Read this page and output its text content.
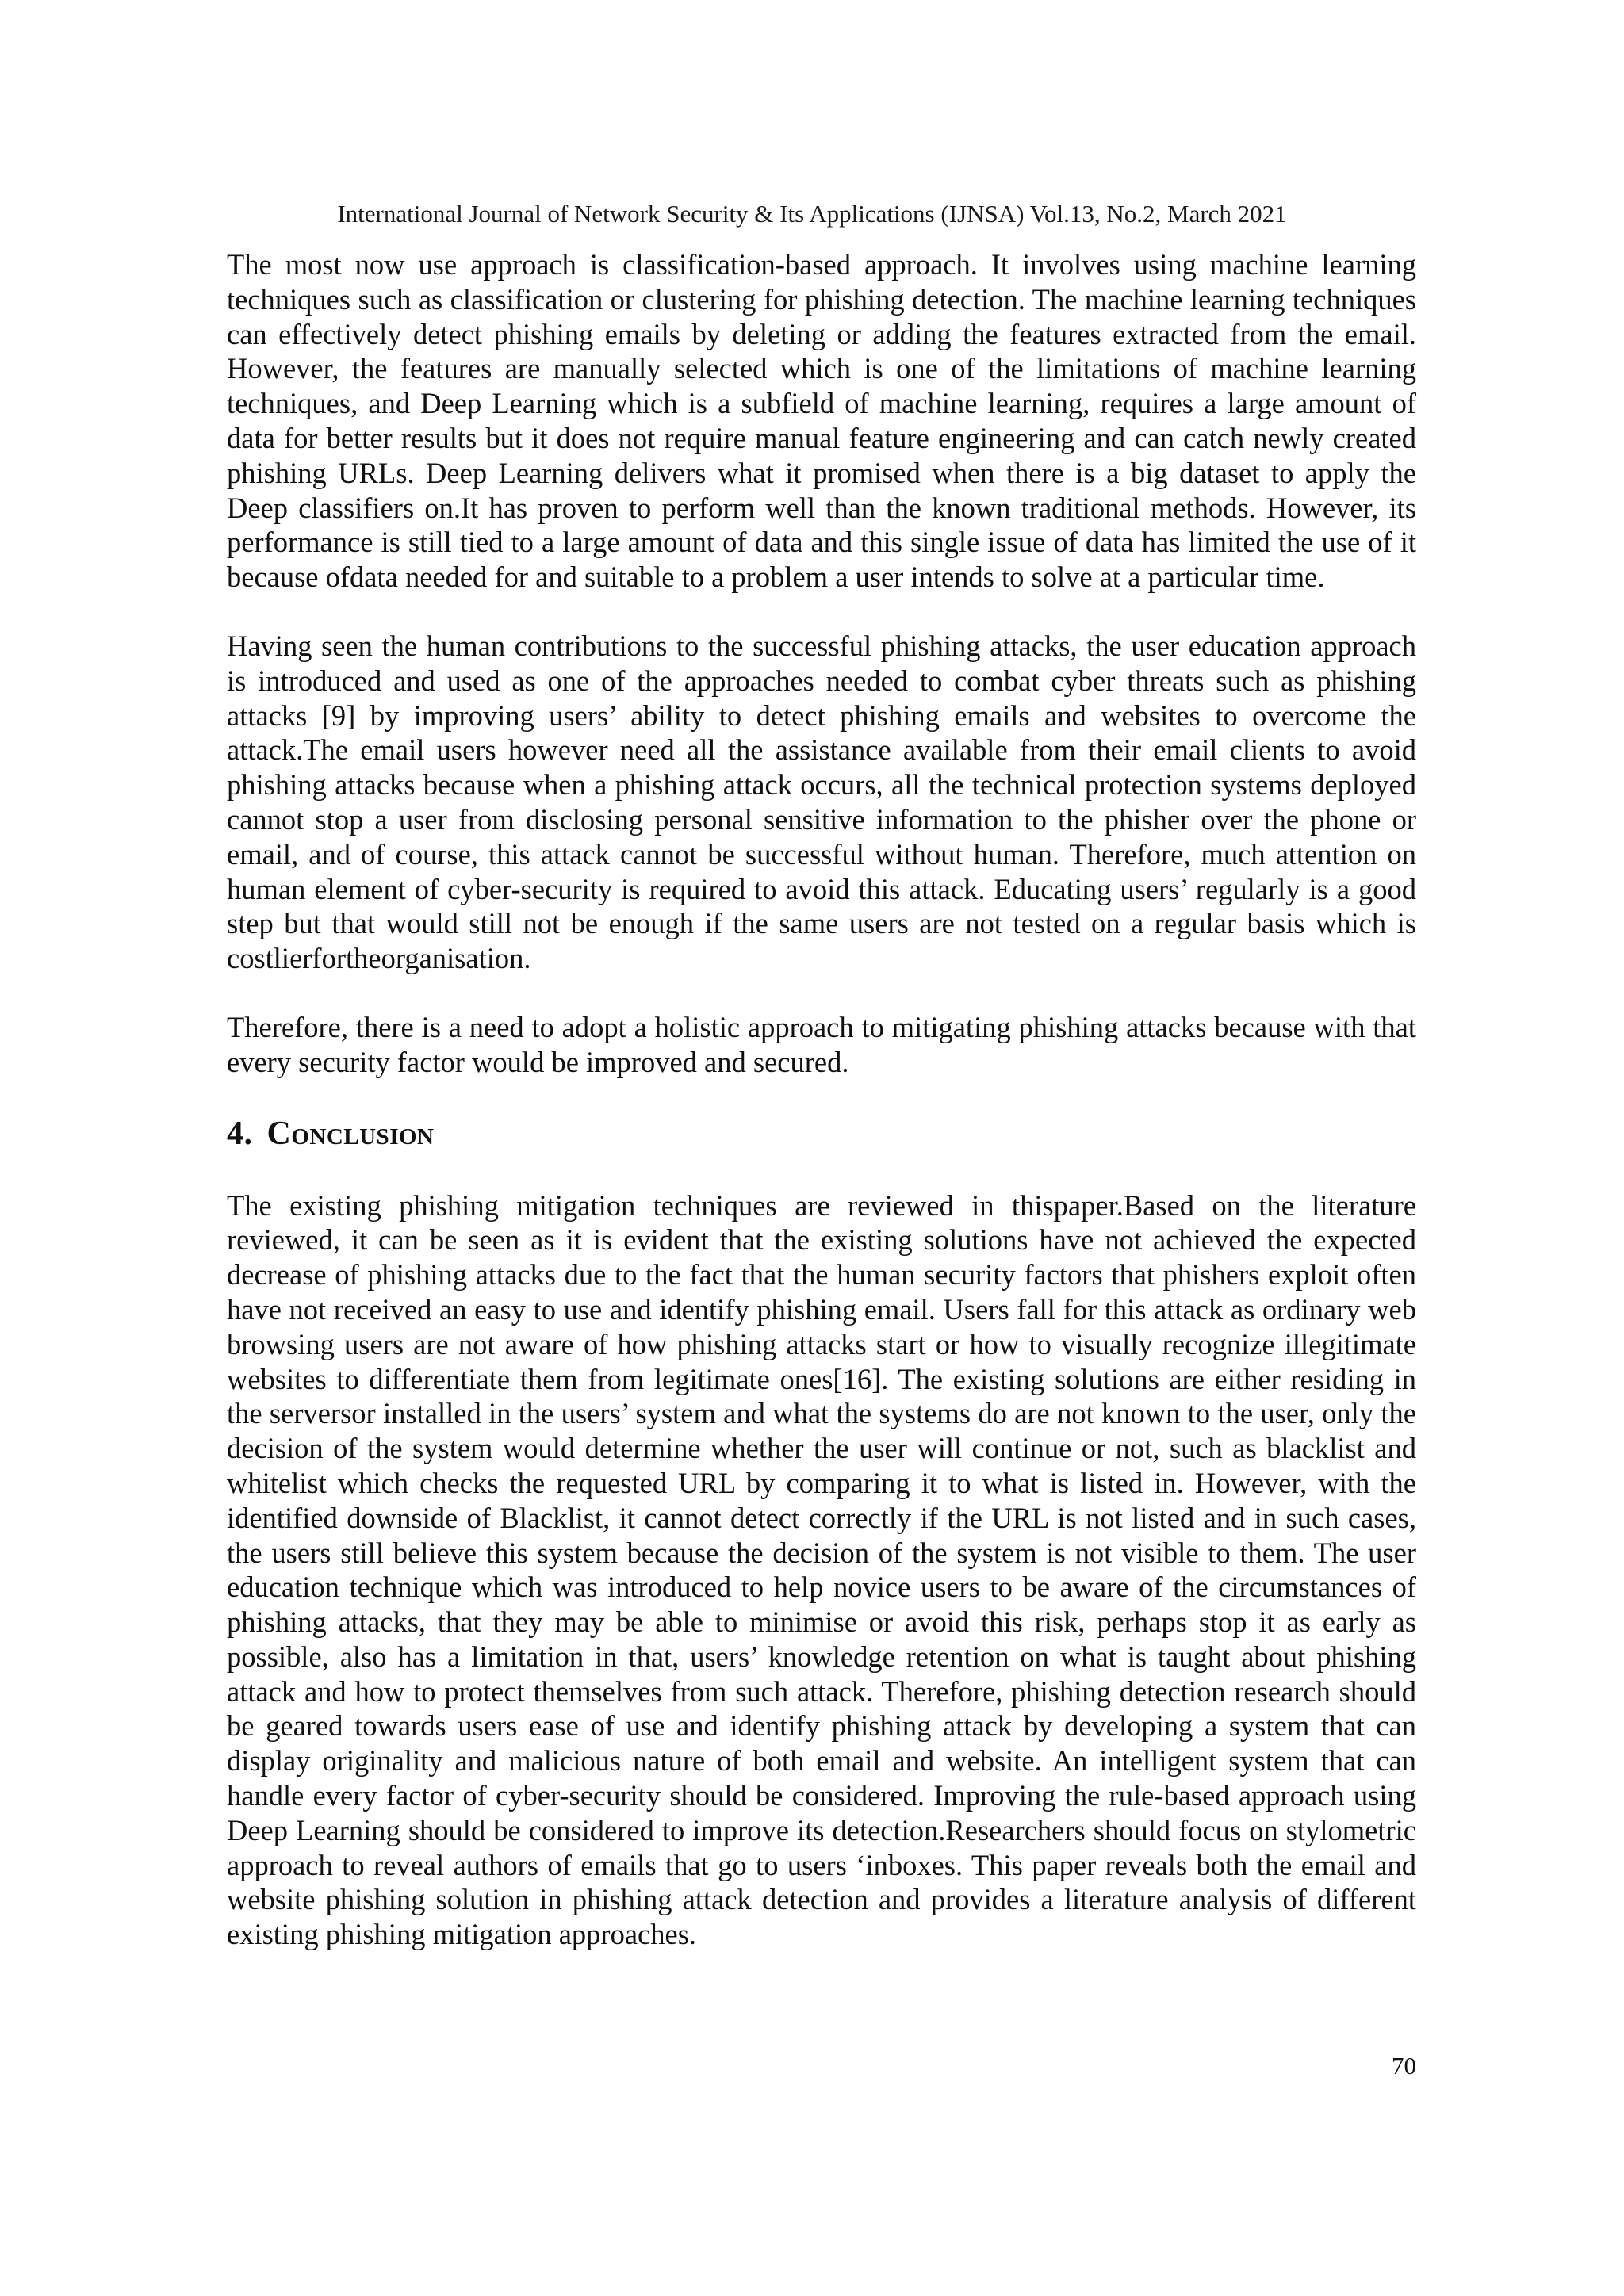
International Journal of Network Security & Its Applications (IJNSA) Vol.13, No.2, March 2021

The most now use approach is classification-based approach. It involves using machine learning techniques such as classification or clustering for phishing detection. The machine learning techniques can effectively detect phishing emails by deleting or adding the features extracted from the email. However, the features are manually selected which is one of the limitations of machine learning techniques, and Deep Learning which is a subfield of machine learning, requires a large amount of data for better results but it does not require manual feature engineering and can catch newly created phishing URLs. Deep Learning delivers what it promised when there is a big dataset to apply the Deep classifiers on.It has proven to perform well than the known traditional methods. However, its performance is still tied to a large amount of data and this single issue of data has limited the use of it because ofdata needed for and suitable to a problem a user intends to solve at a particular time.

Having seen the human contributions to the successful phishing attacks, the user education approach is introduced and used as one of the approaches needed to combat cyber threats such as phishing attacks [9] by improving users’ ability to detect phishing emails and websites to overcome the attack.The email users however need all the assistance available from their email clients to avoid phishing attacks because when a phishing attack occurs, all the technical protection systems deployed cannot stop a user from disclosing personal sensitive information to the phisher over the phone or email, and of course, this attack cannot be successful without human. Therefore, much attention on human element of cyber-security is required to avoid this attack. Educating users’ regularly is a good step but that would still not be enough if the same users are not tested on a regular basis which is costlierfortheorganisation.

Therefore, there is a need to adopt a holistic approach to mitigating phishing attacks because with that every security factor would be improved and secured.

4. Conclusion

The existing phishing mitigation techniques are reviewed in thispaper.Based on the literature reviewed, it can be seen as it is evident that the existing solutions have not achieved the expected decrease of phishing attacks due to the fact that the human security factors that phishers exploit often have not received an easy to use and identify phishing email. Users fall for this attack as ordinary web browsing users are not aware of how phishing attacks start or how to visually recognize illegitimate websites to differentiate them from legitimate ones[16]. The existing solutions are either residing in the serversor installed in the users’ system and what the systems do are not known to the user, only the decision of the system would determine whether the user will continue or not, such as blacklist and whitelist which checks the requested URL by comparing it to what is listed in. However, with the identified downside of Blacklist, it cannot detect correctly if the URL is not listed and in such cases, the users still believe this system because the decision of the system is not visible to them. The user education technique which was introduced to help novice users to be aware of the circumstances of phishing attacks, that they may be able to minimise or avoid this risk, perhaps stop it as early as possible, also has a limitation in that, users’ knowledge retention on what is taught about phishing attack and how to protect themselves from such attack. Therefore, phishing detection research should be geared towards users ease of use and identify phishing attack by developing a system that can display originality and malicious nature of both email and website. An intelligent system that can handle every factor of cyber-security should be considered. Improving the rule-based approach using Deep Learning should be considered to improve its detection.Researchers should focus on stylometric approach to reveal authors of emails that go to users ‘inboxes. This paper reveals both the email and website phishing solution in phishing attack detection and provides a literature analysis of different existing phishing mitigation approaches.

70
